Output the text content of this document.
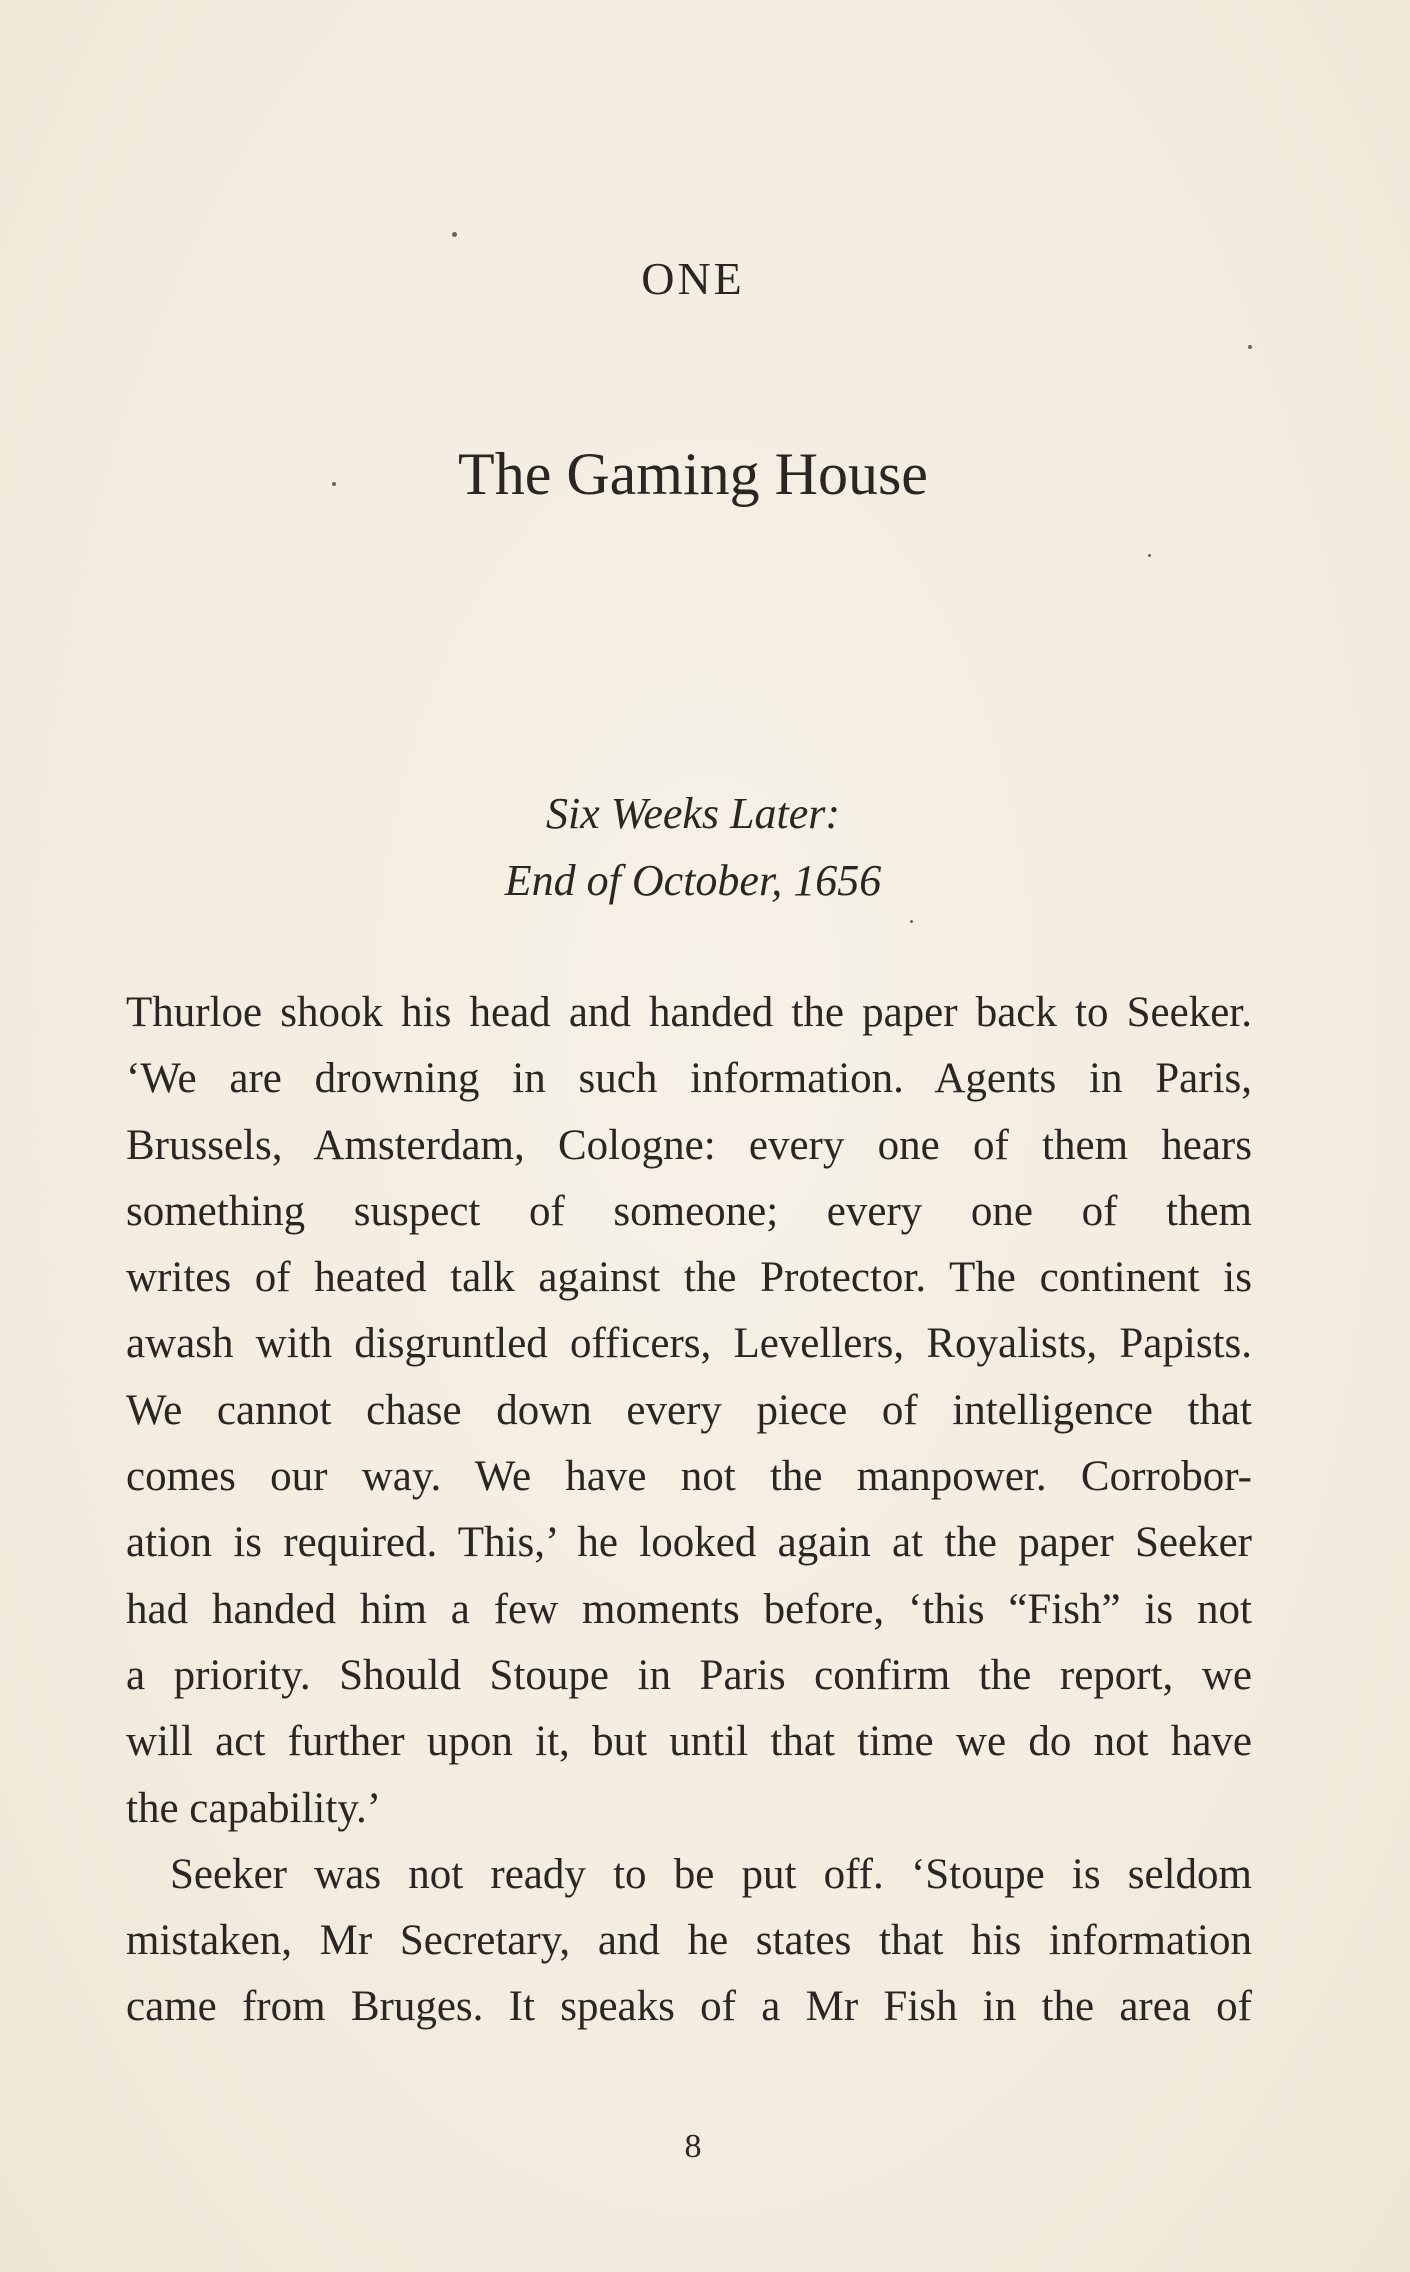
ONE
The Gaming House
Six Weeks Later:
End of October, 1656
Thurloe shook his head and handed the paper back to Seeker.
‘We are drowning in such information. Agents in Paris,
Brussels, Amsterdam, Cologne: every one of them hears
something suspect of someone; every one of them
writes of heated talk against the Protector. The continent is
awash with disgruntled officers, Levellers, Royalists, Papists.
We cannot chase down every piece of intelligence that
comes our way. We have not the manpower. Corrobor-
ation is required. This,’ he looked again at the paper Seeker
had handed him a few moments before, ‘this “Fish” is not
a priority. Should Stoupe in Paris confirm the report, we
will act further upon it, but until that time we do not have
the capability.’
Seeker was not ready to be put off. ‘Stoupe is seldom
mistaken, Mr Secretary, and he states that his information
came from Bruges. It speaks of a Mr Fish in the area of
8
